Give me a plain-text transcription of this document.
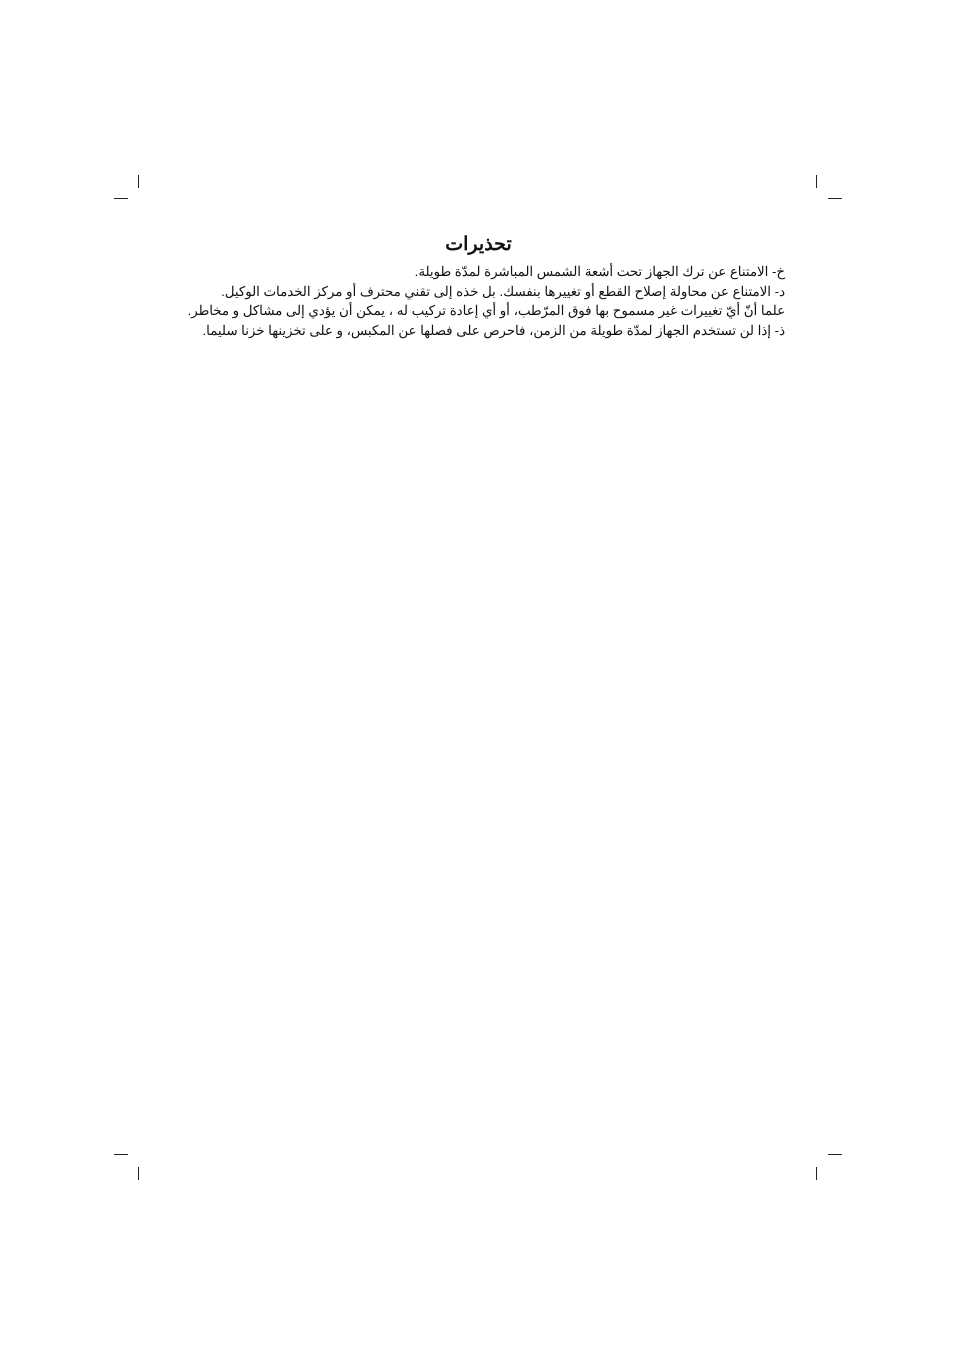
تحذيرات

خ- الامتناع عن ترك الجهاز تحت أشعة الشمس المباشرة لمدّة طويلة.

د- الامتناع عن محاولة إصلاح القطع أو تغييرها بنفسك. بل خذه إلى تقني محترف أو مركز الخدمات الوكيل.

علما أنّ أيّ تغييرات غير مسموح بها فوق المرّطب، أو أي إعادة تركيب له ، يمكن أن يؤدي إلى مشاكل و مخاطر.

ذ- إذا لن تستخدم الجهاز لمدّة طويلة من الزمن، فاحرص على فصلها عن المكبس، و على تخزينها خزنا سليما.
